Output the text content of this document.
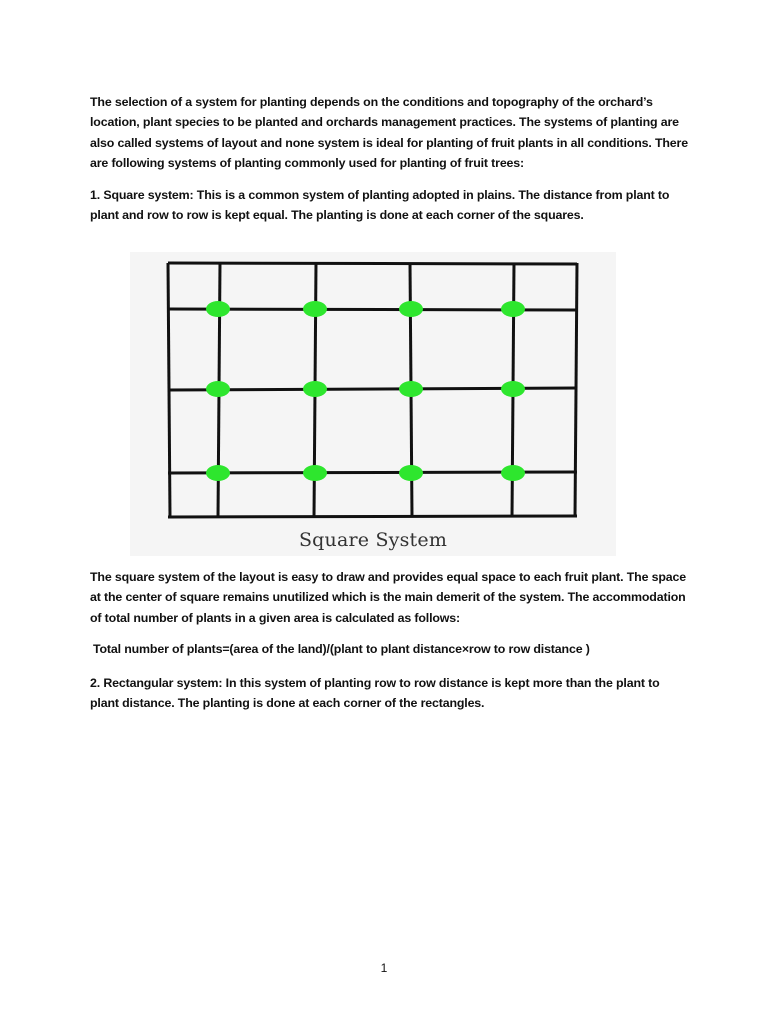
The selection of a system for planting depends on the conditions and topography of the orchard’s location, plant species to be planted and orchards management practices. The systems of planting are also called systems of layout and none system is ideal for planting of fruit plants in all conditions. There are following systems of planting commonly used for planting of fruit trees:

1. Square system: This is a common system of planting adopted in plains. The distance from plant to plant and row to row is kept equal. The planting is done at each corner of the squares.

Square System

The square system of the layout is easy to draw and provides equal space to each fruit plant. The space at the center of square remains unutilized which is the main demerit of the system. The accommodation of total number of plants in a given area is calculated as follows:

Total number of plants=(area of the land)/(plant to plant distance×row to row distance )

2. Rectangular system: In this system of planting row to row distance is kept more than the plant to plant distance. The planting is done at each corner of the rectangles.

1
